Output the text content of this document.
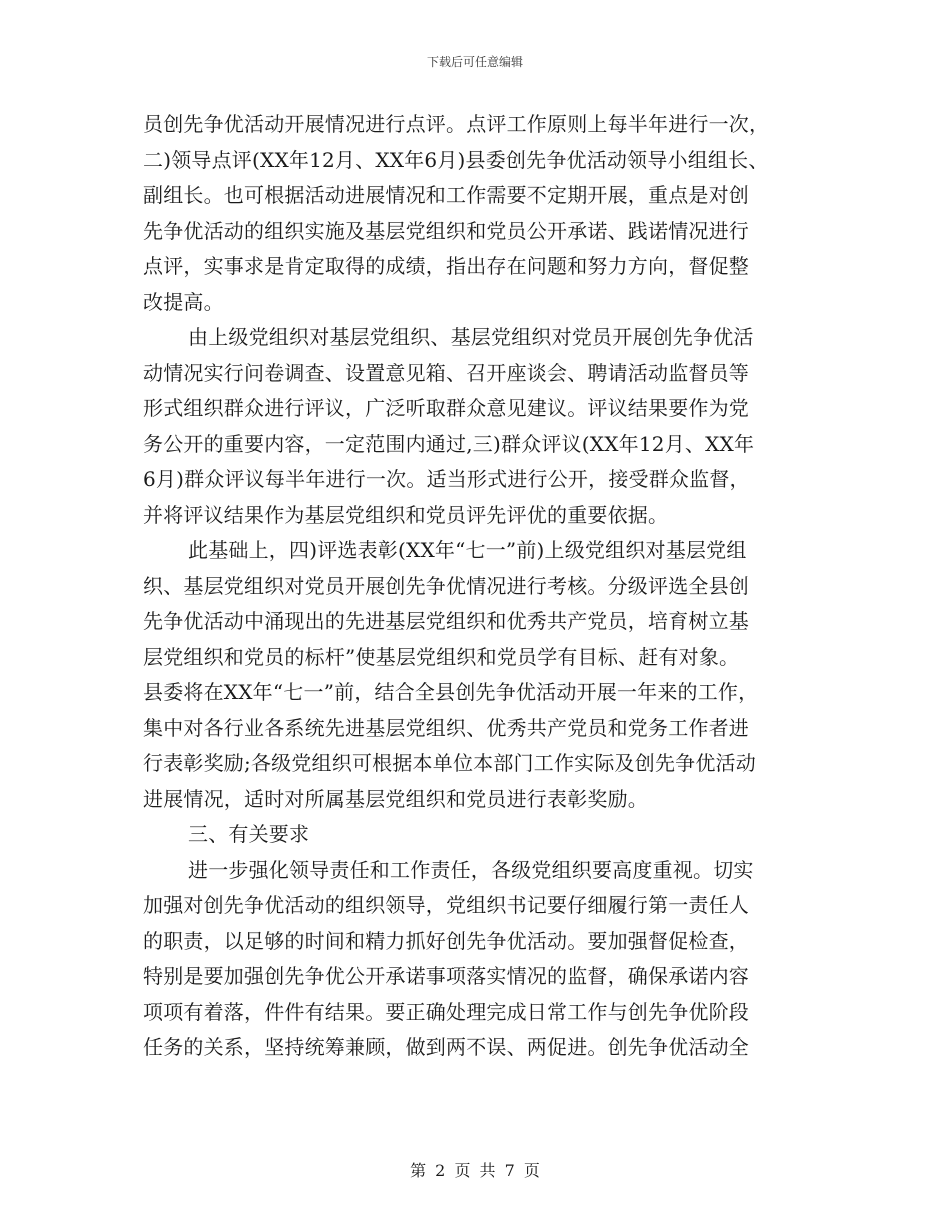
下载后可任意编辑
员创先争优活动开展情况进行点评。点评工作原则上每半年进行一次，
二)领导点评(XX年12月、XX年6月)县委创先争优活动领导小组组长、
副组长。也可根据活动进展情况和工作需要不定期开展，重点是对创
先争优活动的组织实施及基层党组织和党员公开承诺、践诺情况进行
点评，实事求是肯定取得的成绩，指出存在问题和努力方向，督促整
改提高。
由上级党组织对基层党组织、基层党组织对党员开展创先争优活
动情况实行问卷调查、设置意见箱、召开座谈会、聘请活动监督员等
形式组织群众进行评议，广泛听取群众意见建议。评议结果要作为党
务公开的重要内容，一定范围内通过,三)群众评议(XX年12月、XX年
6月)群众评议每半年进行一次。适当形式进行公开，接受群众监督，
并将评议结果作为基层党组织和党员评先评优的重要依据。
此基础上，四)评选表彰(XX年“七一”前)上级党组织对基层党组
织、基层党组织对党员开展创先争优情况进行考核。分级评选全县创
先争优活动中涌现出的先进基层党组织和优秀共产党员，培育树立基
层党组织和党员的标杆”使基层党组织和党员学有目标、赶有对象。
县委将在XX年“七一”前，结合全县创先争优活动开展一年来的工作，
集中对各行业各系统先进基层党组织、优秀共产党员和党务工作者进
行表彰奖励;各级党组织可根据本单位本部门工作实际及创先争优活动
进展情况，适时对所属基层党组织和党员进行表彰奖励。
三、有关要求
进一步强化领导责任和工作责任，各级党组织要高度重视。切实
加强对创先争优活动的组织领导，党组织书记要仔细履行第一责任人
的职责，以足够的时间和精力抓好创先争优活动。要加强督促检查，
特别是要加强创先争优公开承诺事项落实情况的监督，确保承诺内容
项项有着落，件件有结果。要正确处理完成日常工作与创先争优阶段
任务的关系，坚持统筹兼顾，做到两不误、两促进。创先争优活动全
第 2 页 共 7 页
